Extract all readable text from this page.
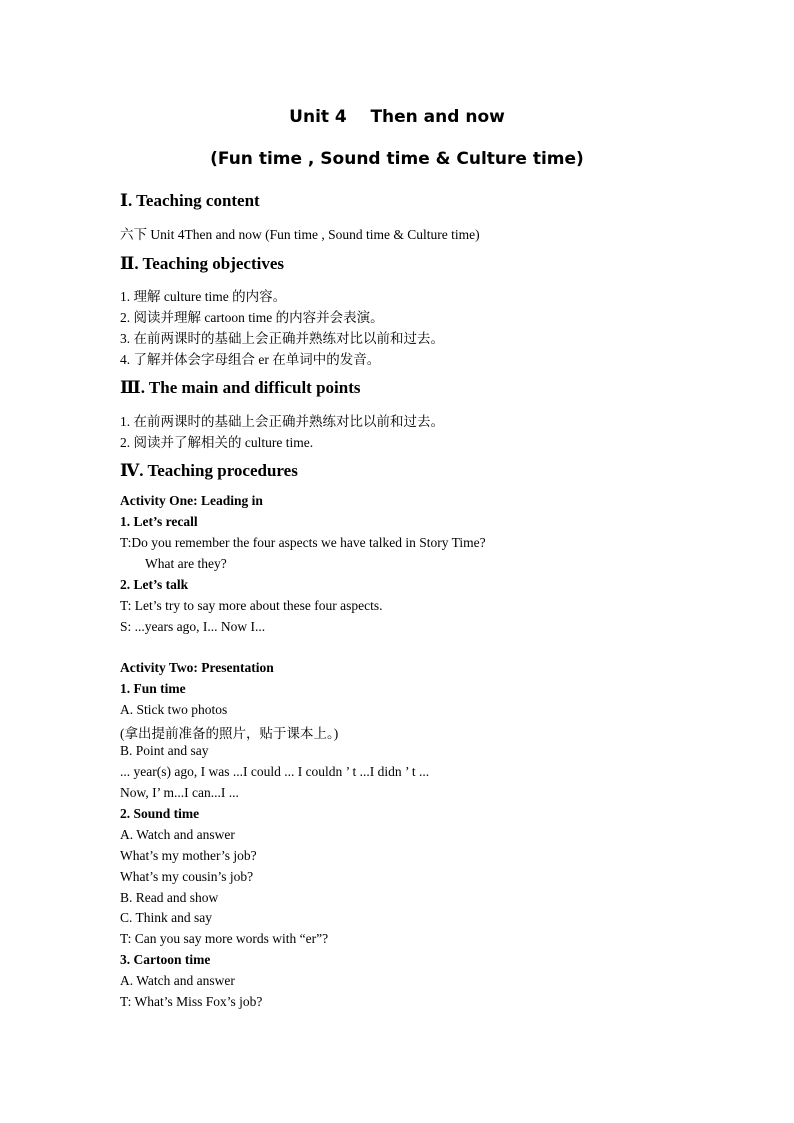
Unit 4    Then and now
(Fun time , Sound time & Culture time)
Ⅰ. Teaching content
六下 Unit 4Then and now (Fun time , Sound time & Culture time)
Ⅱ. Teaching objectives
1. 理解 culture time 的内容。
2. 阅读并理解 cartoon time 的内容并会表演。
3. 在前两课时的基础上会正确并熟练对比以前和过去。
4. 了解并体会字母组合 er 在单词中的发音。
Ⅲ. The main and difficult points
1. 在前两课时的基础上会正确并熟练对比以前和过去。
2. 阅读并了解相关的 culture time.
Ⅳ. Teaching procedures
Activity One: Leading in
1. Let’s recall
T:Do you remember the four aspects we have talked in Story Time?
What are they?
2. Let’s talk
T: Let’s try to say more about these four aspects.
S: ...years ago, I... Now I...
Activity Two: Presentation
1. Fun time
A. Stick two photos
(拿出提前准备的照片，贴于课本上。)
B. Point and say
... year(s) ago, I was ...I could ... I couldn ’ t ...I didn ’ t ...
Now, I’ m...I can...I ...
2. Sound time
A. Watch and answer
What’s my mother’s job?
What’s my cousin’s job?
B. Read and show
C. Think and say
T: Can you say more words with “er”?
3. Cartoon time
A. Watch and answer
T: What’s Miss Fox’s job?
